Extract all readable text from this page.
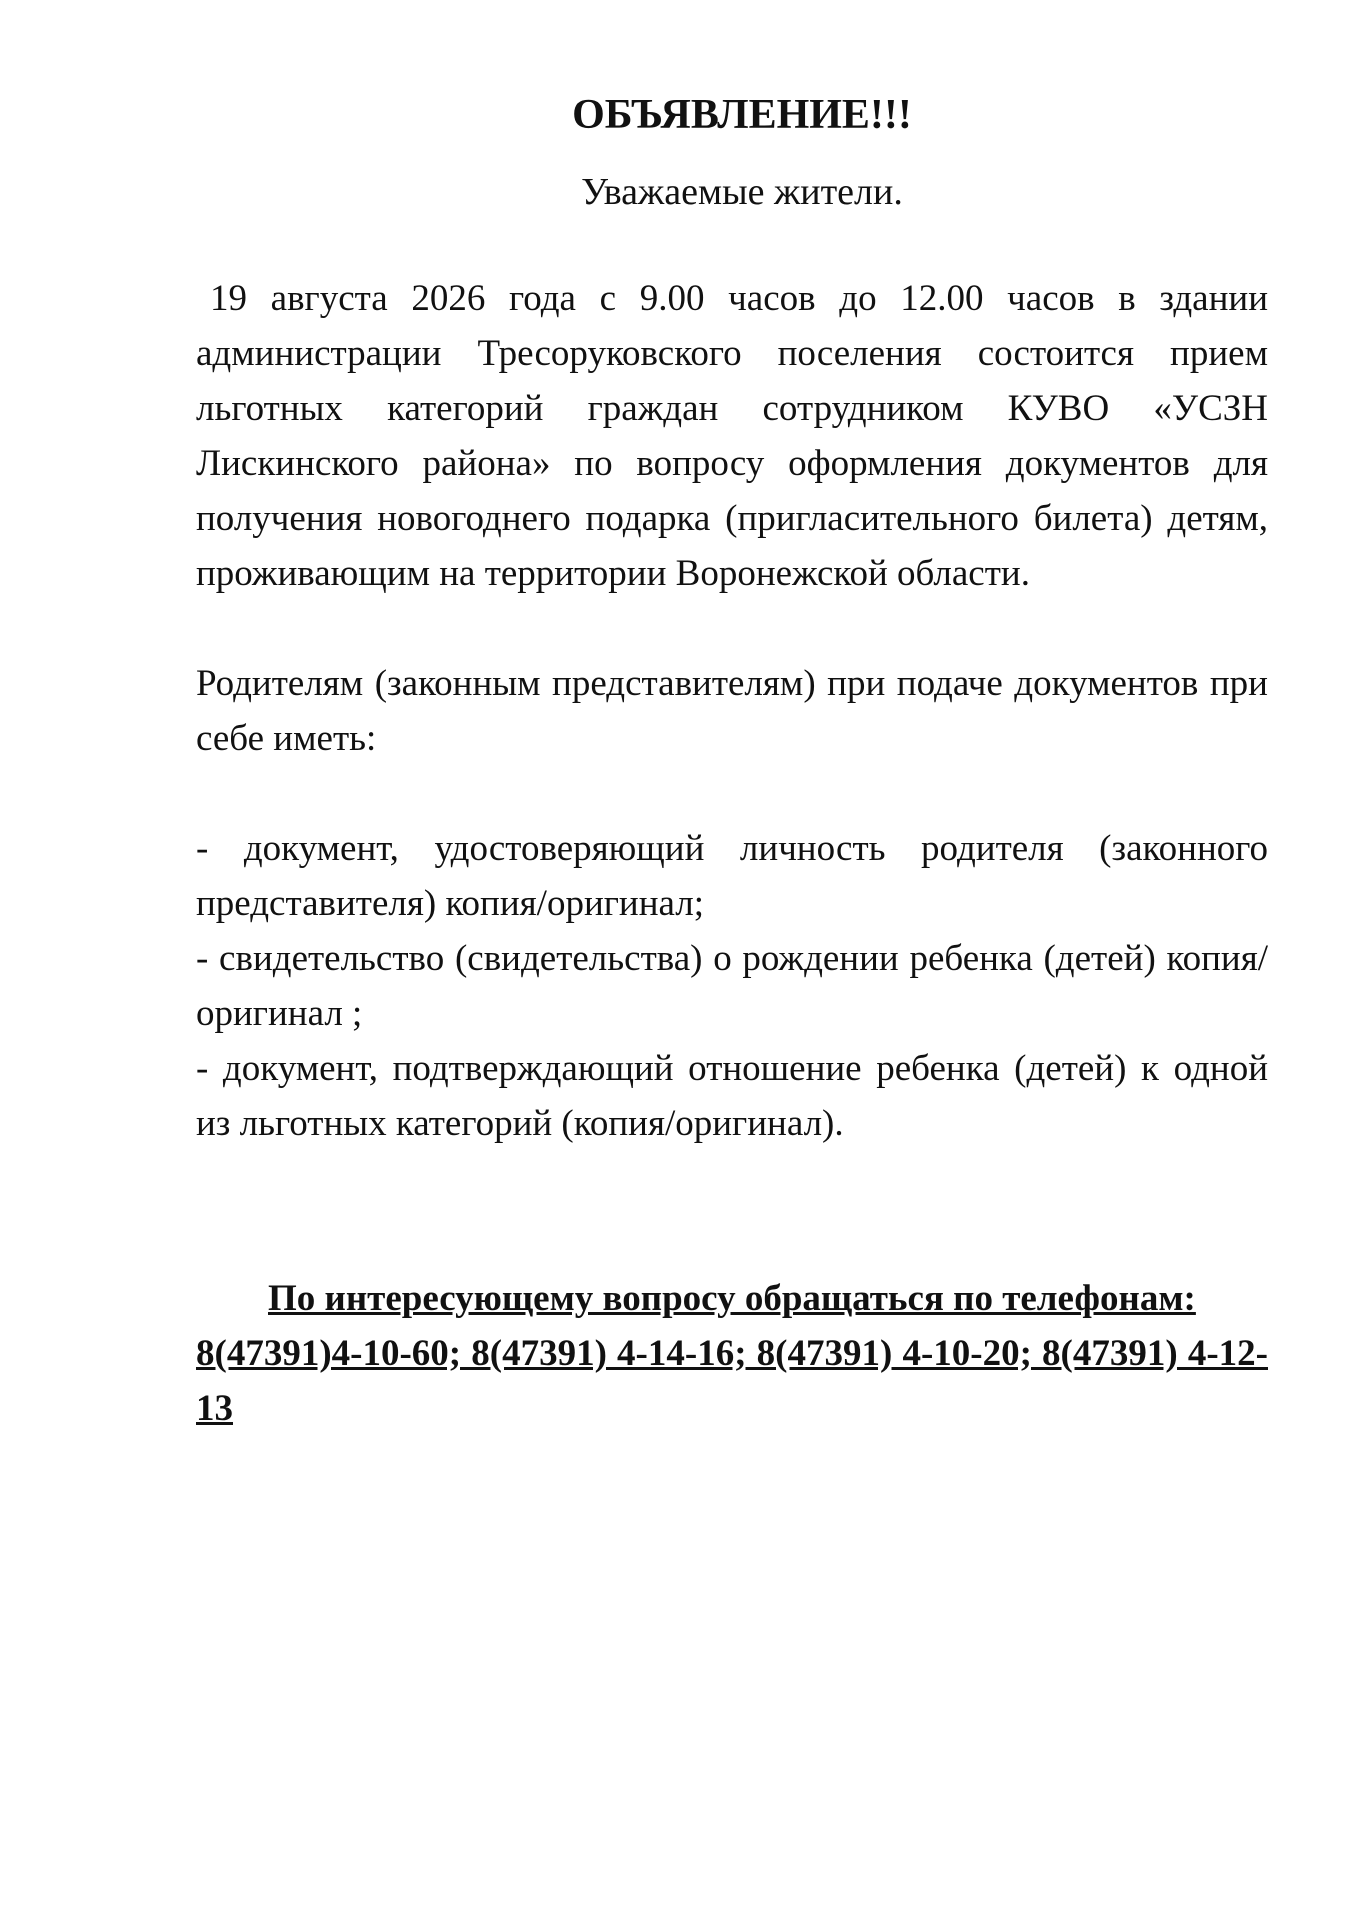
ОБЪЯВЛЕНИЕ!!!

Уважаемые жители.

19 августа 2026 года с 9.00 часов до 12.00 часов в здании администрации Тресоруковского поселения состоится прием льготных категорий граждан сотрудником КУВО «УСЗН Лискинского района» по вопросу оформления документов для получения новогоднего подарка (пригласительного билета) детям, проживающим на территории Воронежской области.

Родителям (законным представителям) при подаче документов при себе иметь:

- документ, удостоверяющий личность родителя (законного представителя) копия/оригинал;

- свидетельство (свидетельства) о рождении ребенка (детей) копия/оригинал ;

- документ, подтверждающий отношение ребенка (детей) к одной из льготных категорий (копия/оригинал).

По интересующему вопросу обращаться по телефонам:

8(47391)4-10-60; 8(47391) 4-14-16; 8(47391) 4-10-20; 8(47391) 4-12-13
